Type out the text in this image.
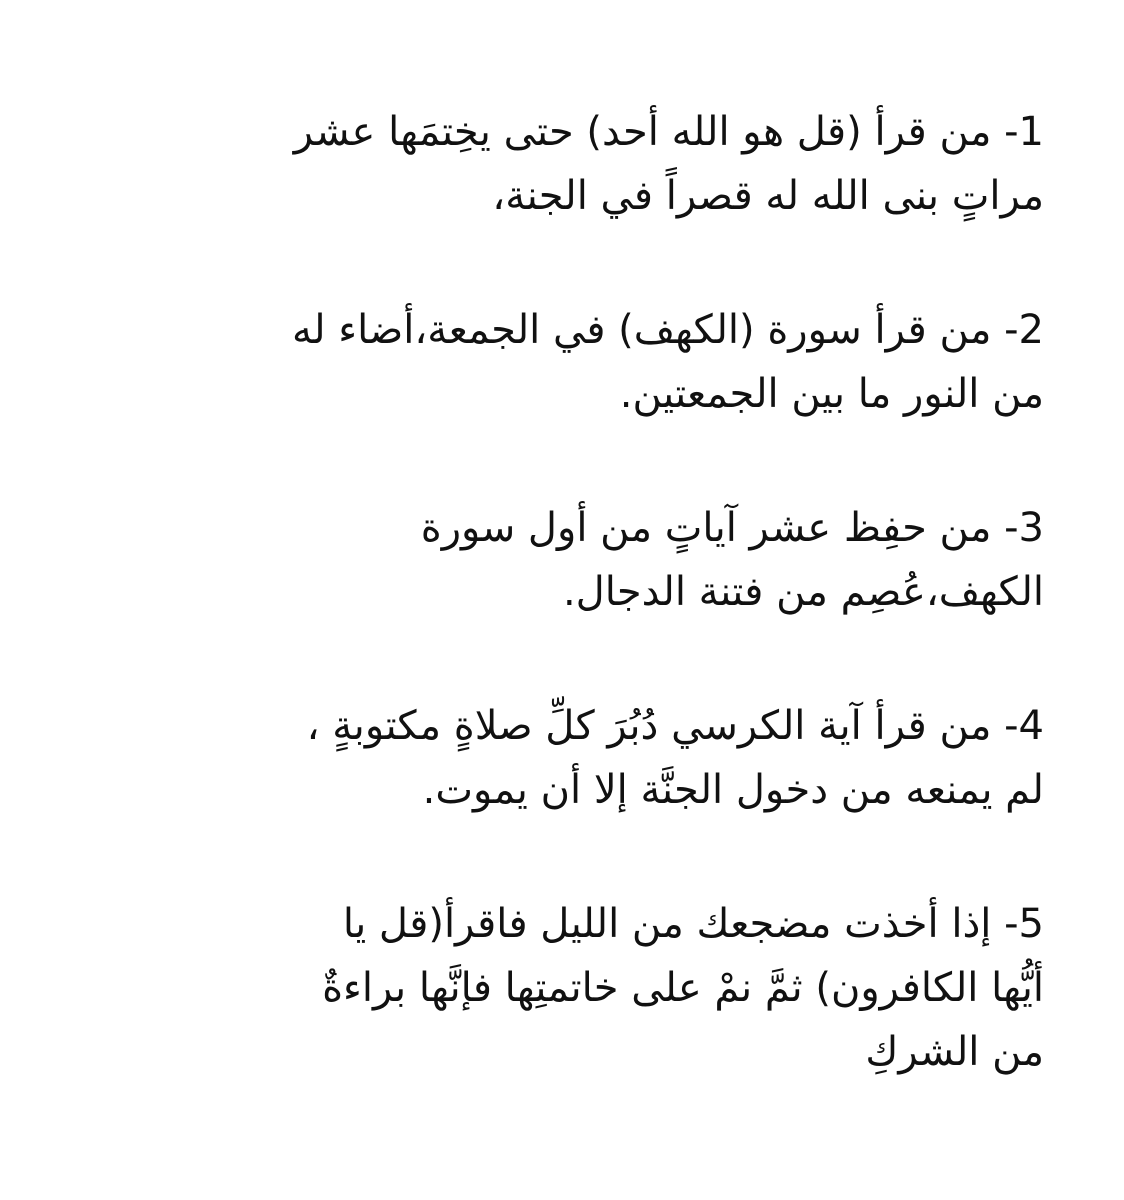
1- من قرأ (قل هو الله أحد) حتى يخِتمَها عشر
مراتٍ بنى الله له قصراً في الجنة،
2- من قرأ سورة (الكهف) في الجمعة،أضاء له
من النور ما بين الجمعتين.
3- من حفِظ عشر آياتٍ من أول سورة
الكهف،عُصِم من فتنة الدجال.
4- من قرأ آية الكرسي دُبُرَ كلِّ صلاةٍ مكتوبةٍ ،
لم يمنعه من دخول الجنَّة إلا أن يموت.
5- إذا أخذت مضجعك من الليل فاقرأ(قل يا
أيُّها الكافرون) ثمَّ نمْ على خاتمتِها فإنَّها براءةٌ
من الشركِ
